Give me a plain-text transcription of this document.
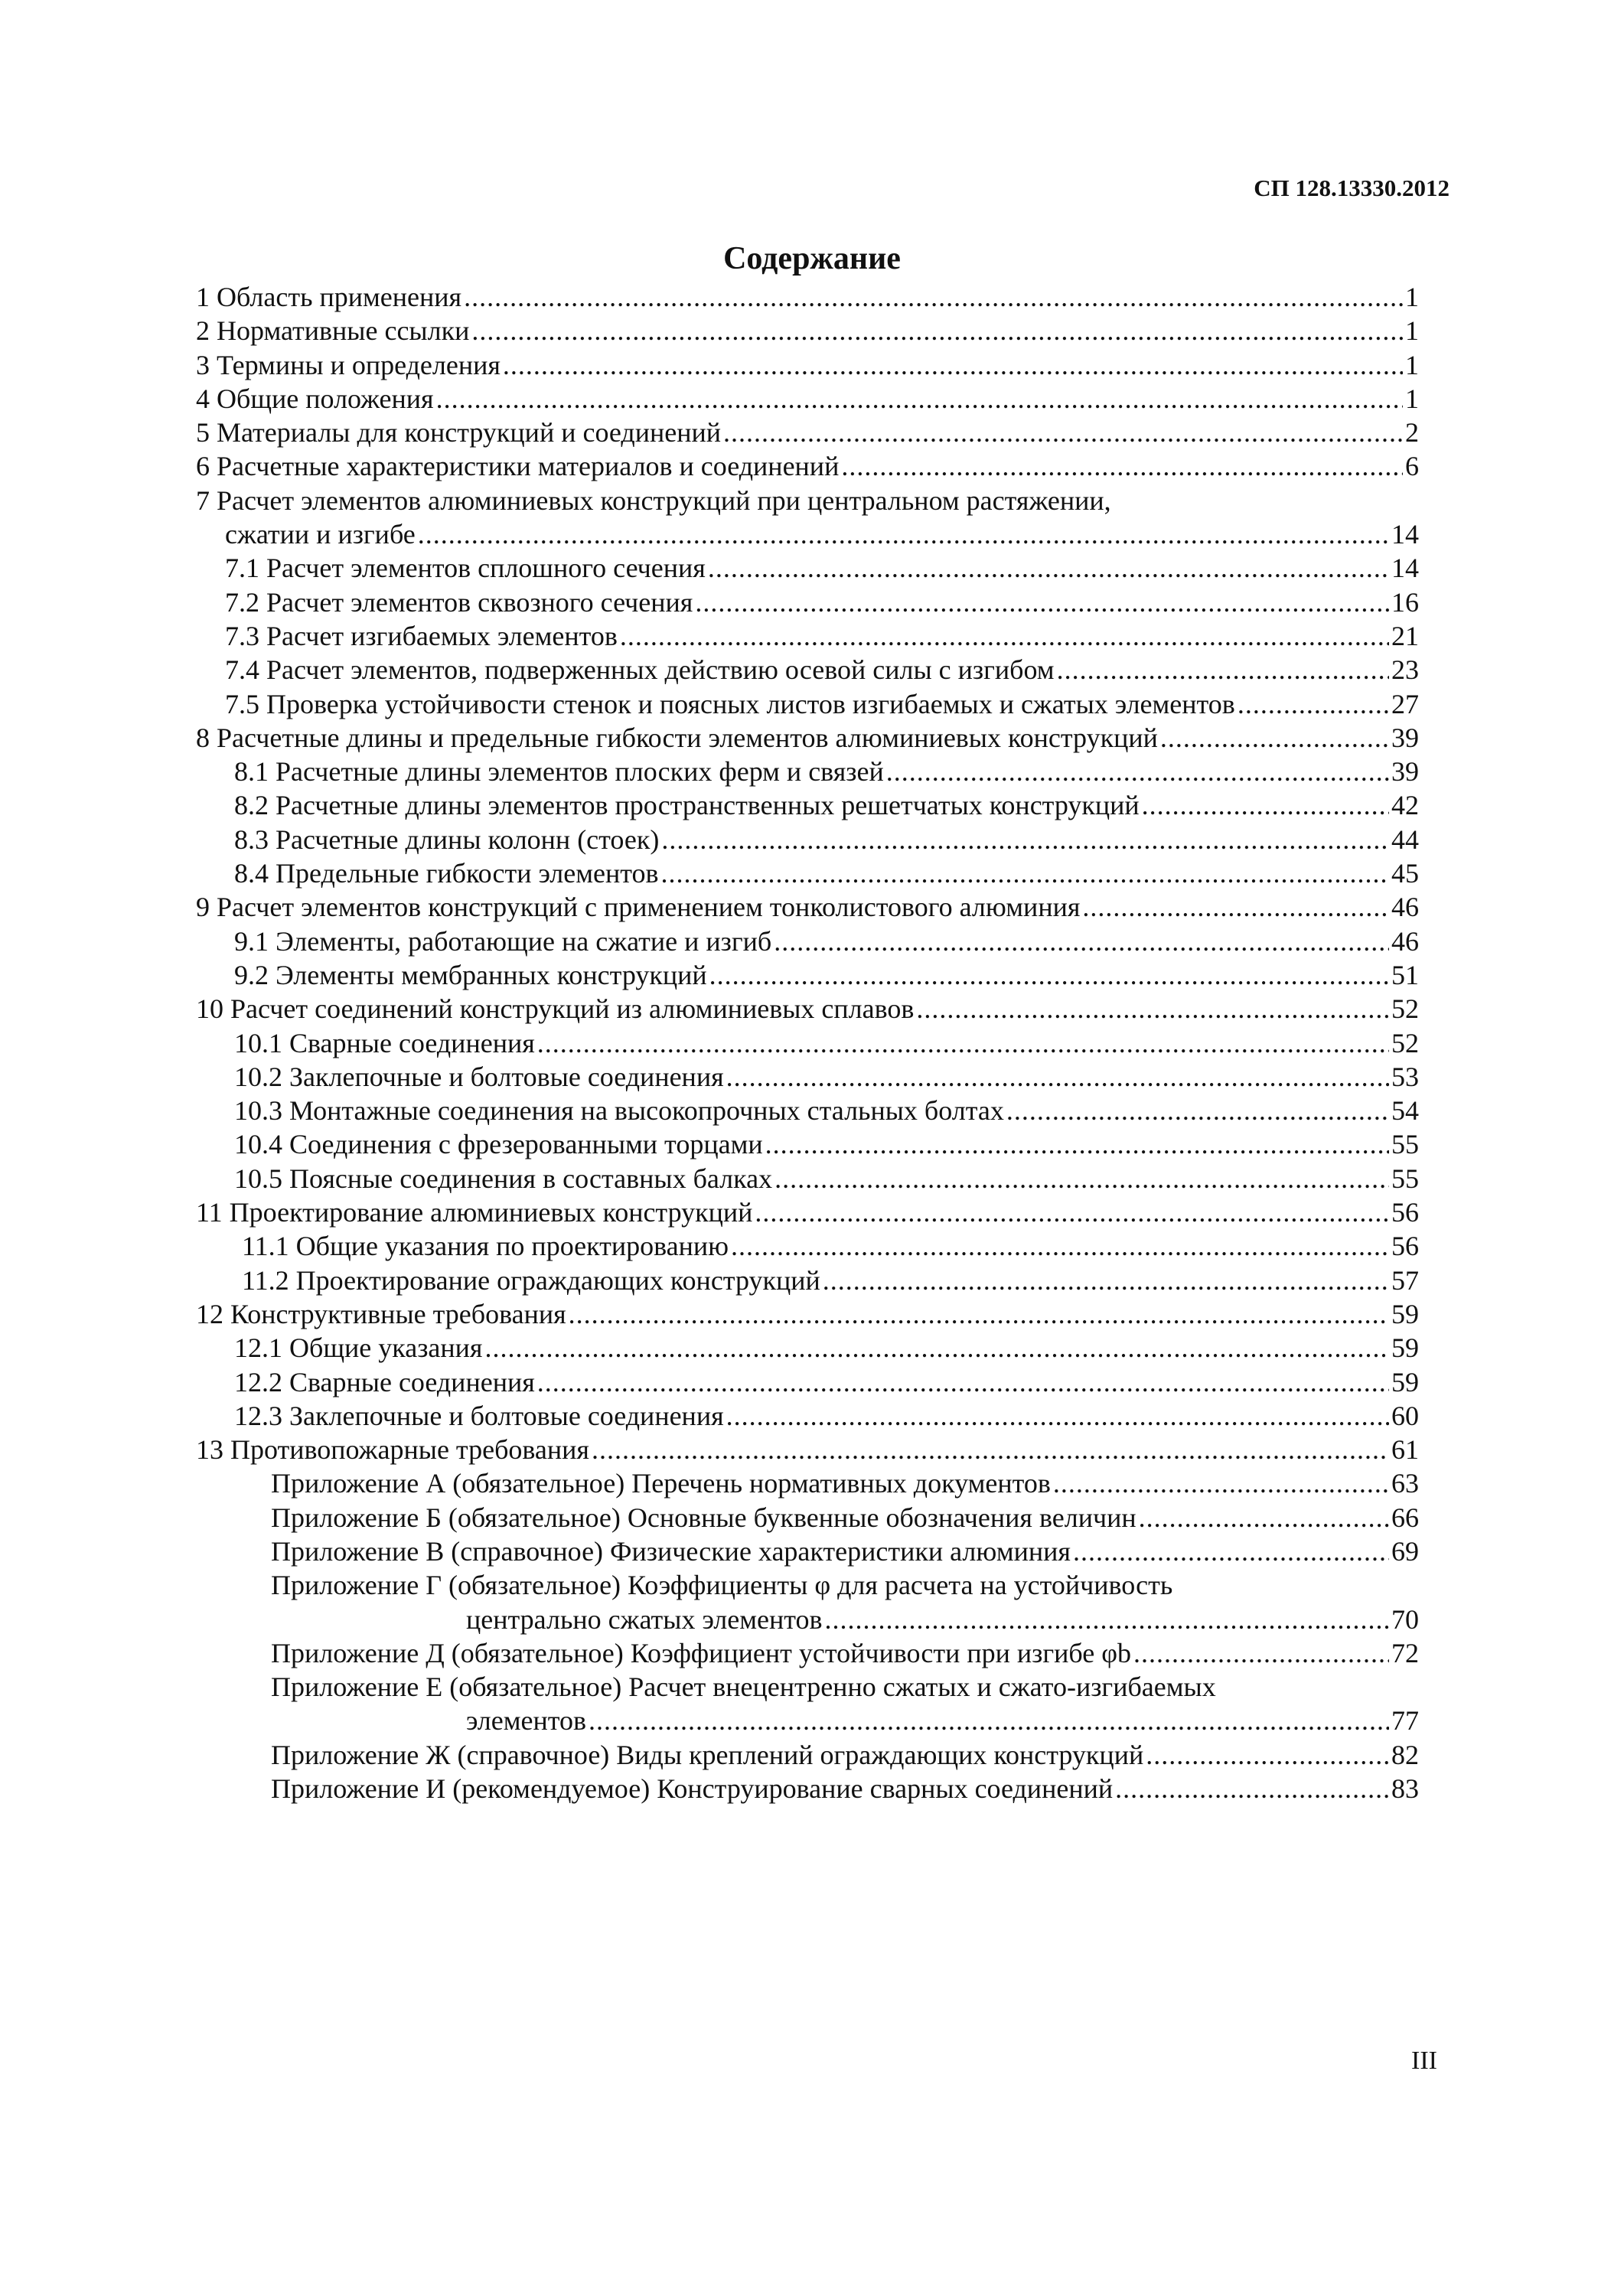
СП 128.13330.2012

Содержание
1 Область применения .....	1
2 Нормативные ссылки .....	1
3 Термины и определения .....	1
4 Общие положения .....	1
5 Материалы для конструкций и соединений .....	2
6 Расчетные характеристики материалов и соединений .....	6
7 Расчет элементов алюминиевых конструкций при центральном растяжении,
сжатии и изгибе .....	14
7.1 Расчет элементов сплошного сечения .....	14
7.2 Расчет элементов сквозного сечения .....	16
7.3 Расчет изгибаемых элементов .....	21
7.4 Расчет элементов, подверженных действию осевой силы с изгибом .....	23
7.5 Проверка устойчивости стенок и поясных листов изгибаемых и сжатых элементов .....	27
8 Расчетные длины и предельные гибкости элементов алюминиевых конструкций .....	39
8.1 Расчетные длины элементов плоских ферм и связей .....	39
8.2 Расчетные длины элементов пространственных решетчатых конструкций .....	42
8.3 Расчетные длины колонн (стоек) .....	44
8.4 Предельные гибкости элементов .....	45
9 Расчет элементов конструкций с применением тонколистового алюминия .....	46
9.1 Элементы, работающие на сжатие и изгиб .....	46
9.2 Элементы мембранных конструкций .....	51
10 Расчет соединений конструкций из алюминиевых сплавов .....	52
10.1 Сварные соединения .....	52
10.2 Заклепочные и болтовые соединения .....	53
10.3 Монтажные соединения на высокопрочных стальных болтах .....	54
10.4 Соединения с фрезерованными торцами .....	55
10.5 Поясные соединения в составных балках .....	55
11 Проектирование алюминиевых конструкций .....	56
11.1 Общие указания по проектированию .....	56
11.2 Проектирование ограждающих конструкций .....	57
12 Конструктивные требования .....	59
12.1 Общие указания .....	59
12.2 Сварные соединения .....	59
12.3 Заклепочные и болтовые соединения .....	60
13 Противопожарные требования .....	61
Приложение А (обязательное) Перечень нормативных документов .....	63
Приложение Б (обязательное) Основные буквенные обозначения величин .....	66
Приложение В (справочное) Физические характеристики алюминия .....	69
Приложение Г (обязательное) Коэффициенты φ для расчета на устойчивость
центрально сжатых элементов .....	70
Приложение Д (обязательное) Коэффициент устойчивости при изгибе φb .....	72
Приложение Е (обязательное) Расчет внецентренно сжатых и сжато-изгибаемых
элементов .....	77
Приложение Ж (справочное) Виды креплений ограждающих конструкций .....	82
Приложение И (рекомендуемое) Конструирование сварных соединений .....	83

III
